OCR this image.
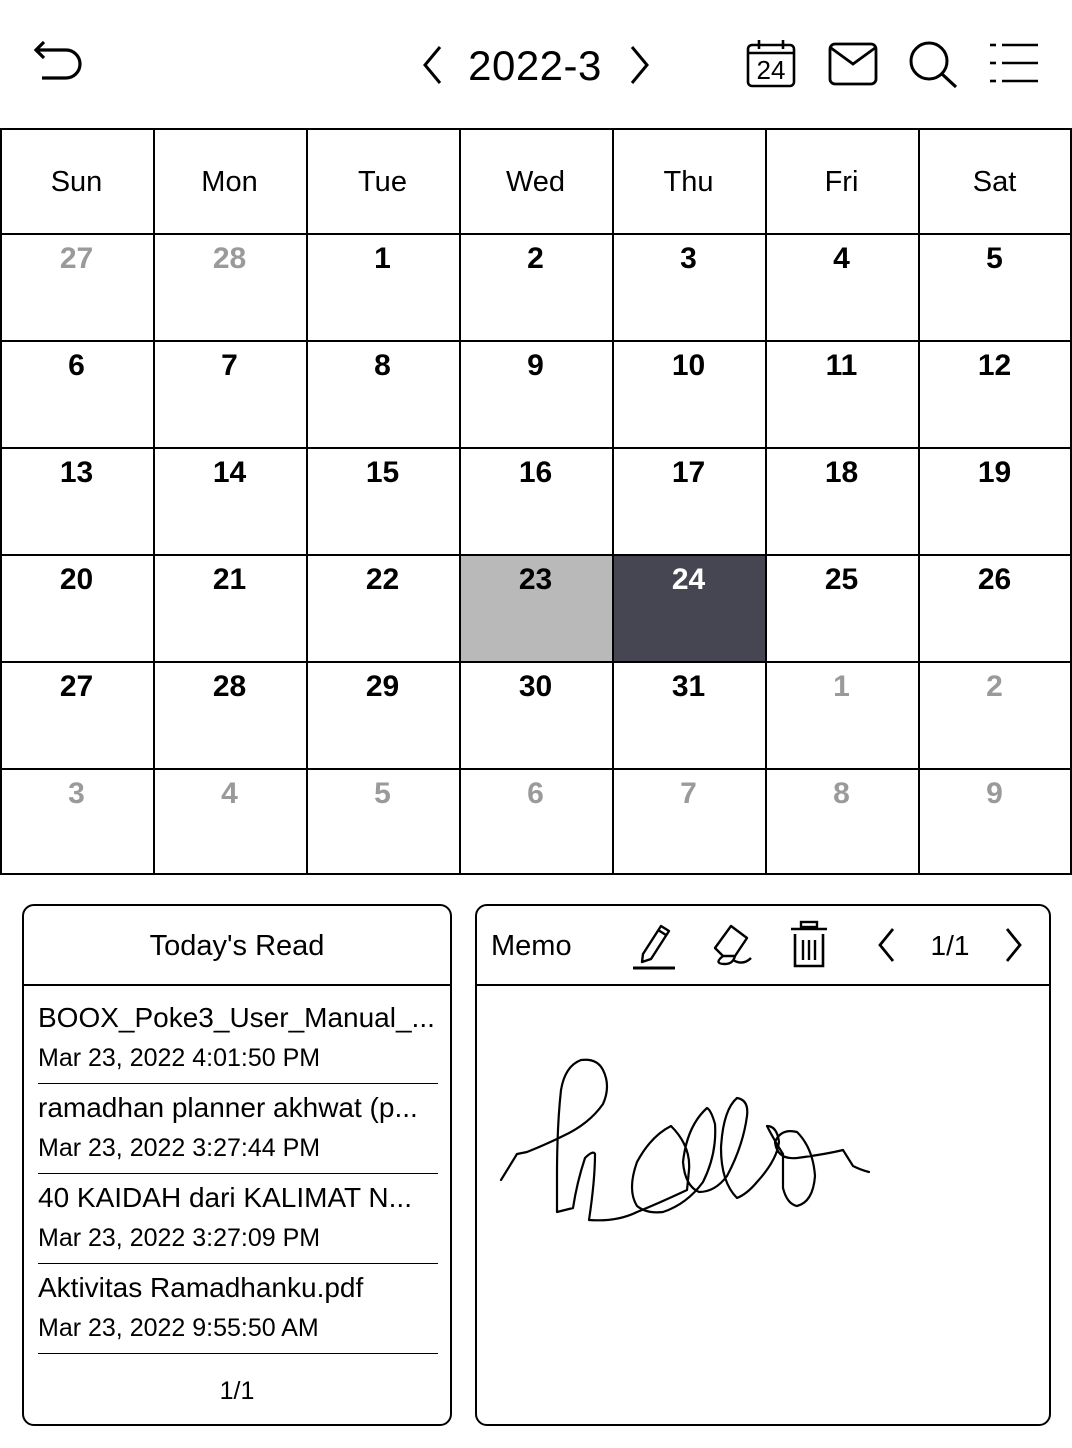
2022-3	24
Sun	Mon	Tue	Wed	Thu	Fri	Sat
27	28	1	2	3	4	5
6	7	8	9	10	11	12
13	14	15	16	17	18	19
20	21	22	23	24	25	26
27	28	29	30	31	1	2
3	4	5	6	7	8	9
Today's Read
BOOX_Poke3_User_Manual_...
Mar 23, 2022 4:01:50 PM
ramadhan planner akhwat (p...
Mar 23, 2022 3:27:44 PM
40 KAIDAH dari KALIMAT N...
Mar 23, 2022 3:27:09 PM
Aktivitas Ramadhanku.pdf
Mar 23, 2022 9:55:50 AM
1/1
Memo	1/1
